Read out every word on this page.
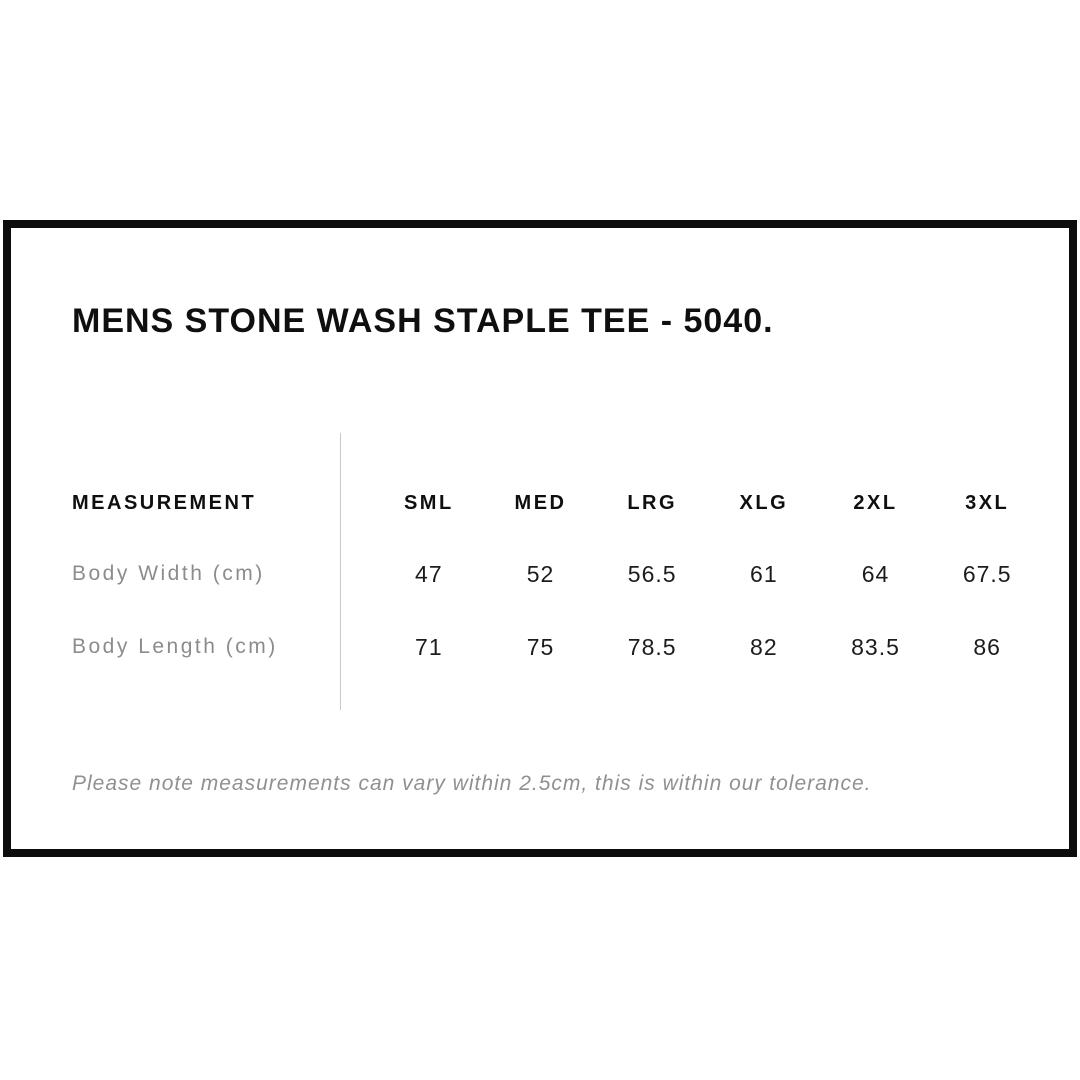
MENS STONE WASH STAPLE TEE - 5040.
MEASUREMENT	SML	MED	LRG	XLG	2XL	3XL
Body Width (cm)	47	52	56.5	61	64	67.5
Body Length (cm)	71	75	78.5	82	83.5	86

Please note measurements can vary within 2.5cm, this is within our tolerance.
